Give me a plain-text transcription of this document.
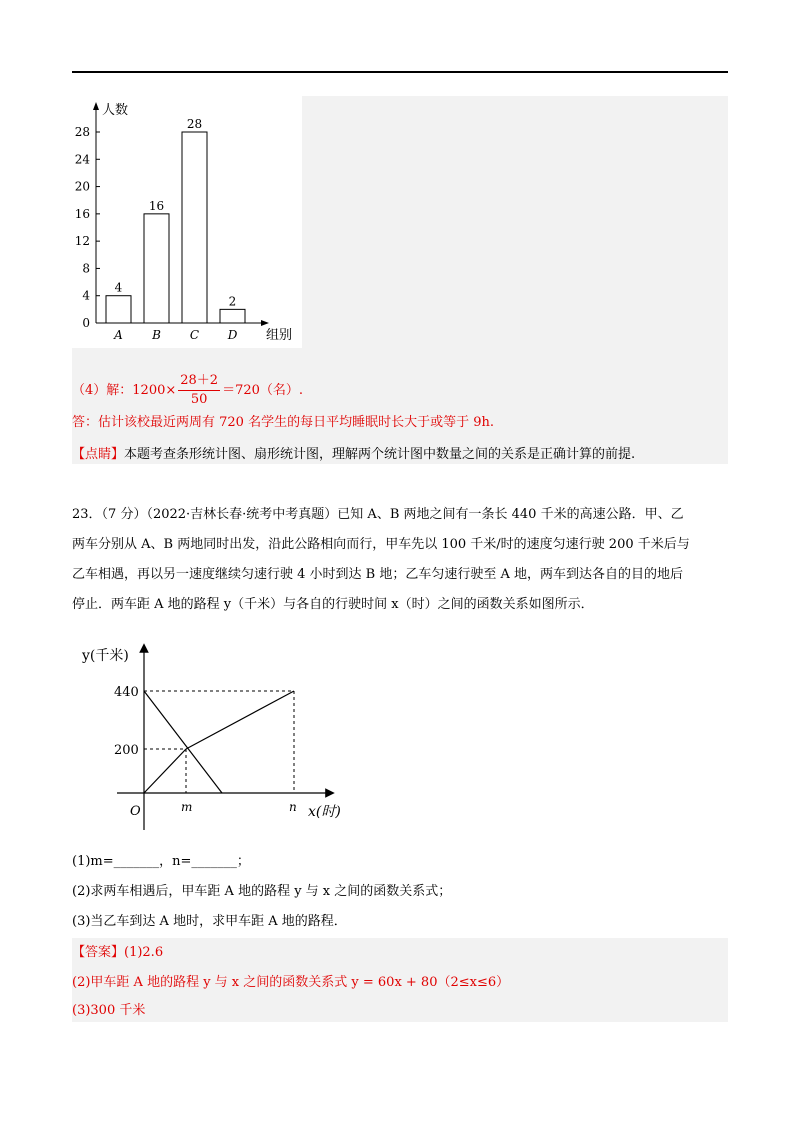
0
4
8
12
16
20
24
28
4
A
16
B
28
C
2
D
人数
组别
（4）解：$1200\times \frac{28+2}{50} =720$（名）.
答：估计该校最近两周有 720 名学生的每日平均睡眠时长大于或等于 9h.
【点睛】本题考查条形统计图、扇形统计图，理解两个统计图中数量之间的关系是正确计算的前提.
23．（7 分）（2022·吉林长春·统考中考真题）已知 A、B 两地之间有一条长 440 千米的高速公路．甲、乙
两车分别从 A、B 两地同时出发，沿此公路相向而行，甲车先以 100 千米/时的速度匀速行驶 200 千米后与
乙车相遇，再以另一速度继续匀速行驶 4 小时到达 B 地；乙车匀速行驶至 A 地，两车到达各自的目的地后
停止．两车距 A 地的路程 y（千米）与各自的行驶时间 x（时）之间的函数关系如图所示．
y(千米)
x(时)
O	m	n
440
200
(1)m=_______，n=_______；
(2)求两车相遇后，甲车距 A 地的路程 y 与 x 之间的函数关系式；
(3)当乙车到达 A 地时，求甲车距 A 地的路程．
【答案】(1)2.6
(2)甲车距 A 地的路程 y 与 x 之间的函数关系式 y = 60x + 80（2≤x≤6）
(3)300 千米
